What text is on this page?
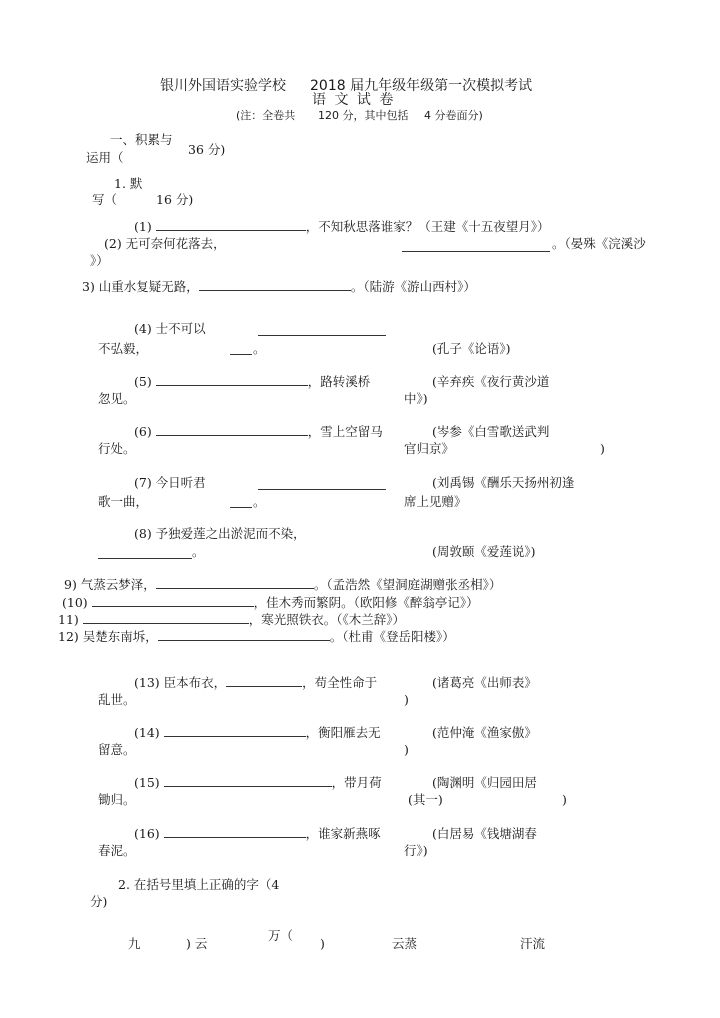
银川外国语实验学校 2018 届九年级年级第一次模拟考试
语 文 试 卷
(注：全卷共 120 分，其中包括 4 分卷面分)
一、积累与
36 分)
运用（
1. 默
写（	16 分)
(1)	，不知秋思落谁家？（王建《十五夜望月》）
(2) 无可奈何花落去，	。（晏殊《浣溪沙
》）
3) 山重水复疑无路，	。（陆游《游山西村》）
(4) 士不可以
不弘毅，	。	(孔子《论语》)
(5)	，路转溪桥
忽见。
(辛弃疾《夜行黄沙道
中》)
(6)	，雪上空留马
行处。
(岑参《白雪歌送武判
官归京》	)
(7) 今日听君
歌一曲，	。
(刘禹锡《酬乐天扬州初逢
席上见赠》
(8) 予独爱莲之出淤泥而不染，
。	(周敦颐《爱莲说》)
9) 气蒸云梦泽，	。（孟浩然《望洞庭湖赠张丞相》）
(10)	，佳木秀而繁阴。（欧阳修《醉翁亭记》）
11)	，寒光照铁衣。（《木兰辞》）
12) 吴楚东南坼，	。（杜甫《登岳阳楼》）
(13) 臣本布衣，	，苟全性命于
乱世。
(诸葛亮《出师表》
)
(14)	，衡阳雁去无
留意。
(范仲淹《渔家傲》
)
(15)	，带月荷
锄归。
(陶渊明《归园田居
(其一)	)
(16)	，谁家新燕啄
春泥。
(白居易《钱塘湖春
行》)
2. 在括号里填上正确的字（4
分)
九	) 云
万（
)	云蒸	汗流
